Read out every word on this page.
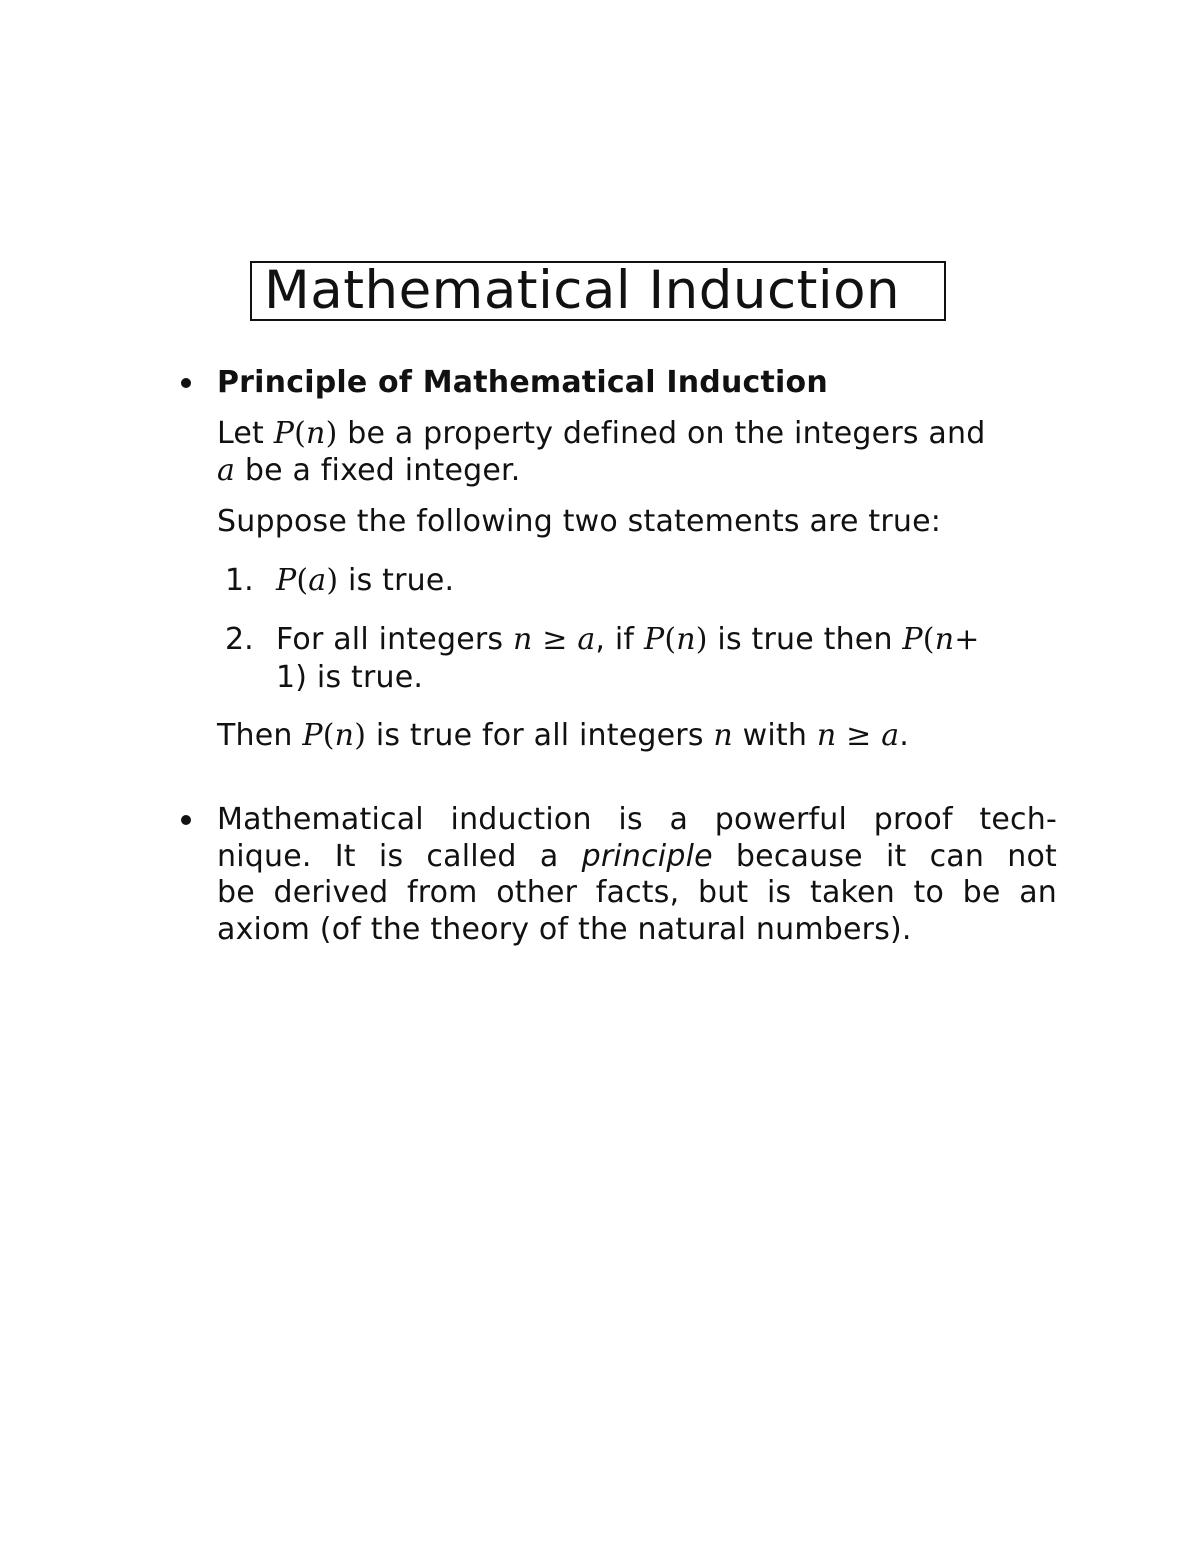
Mathematical Induction
Principle of Mathematical Induction
Let P(n) be a property defined on the integers and
a be a fixed integer.
Suppose the following two statements are true:
1. P(a) is true.
2. For all integers n ≥ a, if P(n) is true then P(n+
1) is true.
Then P(n) is true for all integers n with n ≥ a.
Mathematical induction is a powerful proof tech-
nique. It is called a principle because it can not
be derived from other facts, but is taken to be an
axiom (of the theory of the natural numbers).
